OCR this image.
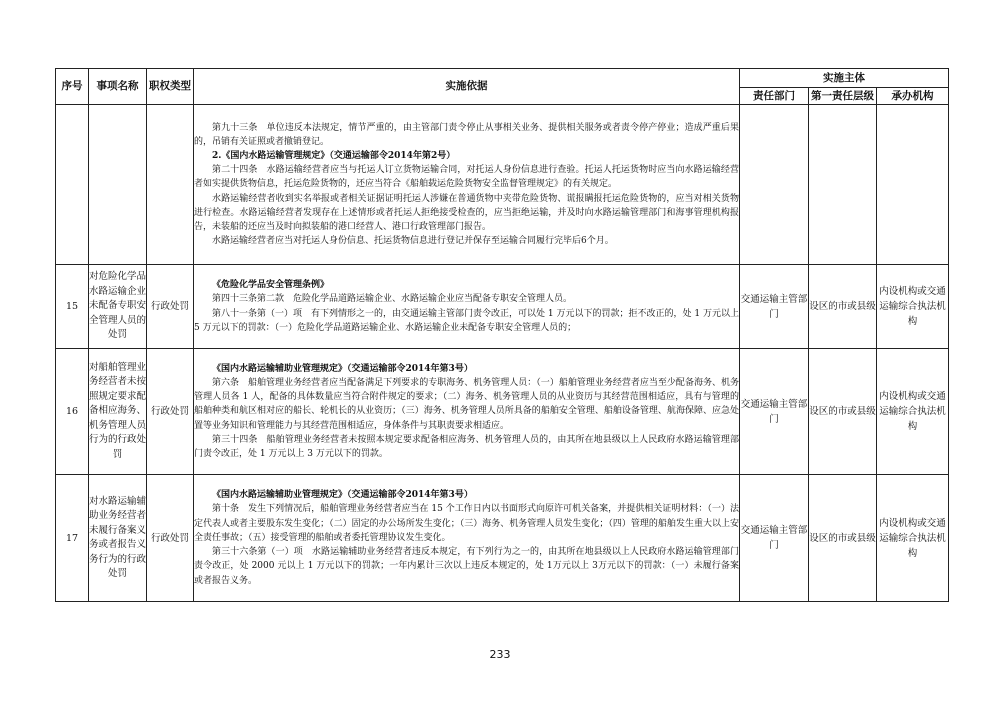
序号	事项名称	职权类型	实施依据	实施主体		
				责任部门	第一责任层级	承办机构

			第九十三条　单位违反本法规定，情节严重的，由主管部门责令停止从事相关业务、提供相关服务或者责令停产停业；造成严重后果的，吊销有关证照或者撤销登记。

2.《国内水路运输管理规定》（交通运输部令2014年第2号）

第二十四条　水路运输经营者应当与托运人订立货物运输合同，对托运人身份信息进行查验。托运人托运货物时应当向水路运输经营者如实提供货物信息，托运危险货物的，还应当符合《船舶载运危险货物安全监督管理规定》的有关规定。

水路运输经营者收到实名举报或者相关证据证明托运人涉嫌在普通货物中夹带危险货物、谎报瞒报托运危险货物的，应当对相关货物进行检查。水路运输经营者发现存在上述情形或者托运人拒绝接受检查的，应当拒绝运输，并及时向水路运输管理部门和海事管理机构报告，未装船的还应当及时向拟装船的港口经营人、港口行政管理部门报告。

水路运输经营者应当对托运人身份信息、托运货物信息进行登记并保存至运输合同履行完毕后6个月。			

15	对危险化学品水路运输企业未配备专职安全管理人员的处罚	行政处罚	《危险化学品安全管理条例》

第四十三条第二款　危险化学品道路运输企业、水路运输企业应当配备专职安全管理人员。

第八十一条第（一）项　有下列情形之一的，由交通运输主管部门责令改正，可以处 1 万元以下的罚款；拒不改正的，处 1 万元以上 5 万元以下的罚款：（一）危险化学品道路运输企业、水路运输企业未配备专职安全管理人员的；	交通运输主管部门	设区的市或县级	内设机构或交通运输综合执法机构
16	对船舶管理业务经营者未按照规定要求配备相应海务、机务管理人员行为的行政处罚	行政处罚	《国内水路运输辅助业管理规定》（交通运输部令2014年第3号）

第六条　船舶管理业务经营者应当配备满足下列要求的专职海务、机务管理人员：（一）船舶管理业务经营者应当至少配备海务、机务管理人员各 1 人，配备的具体数量应当符合附件规定的要求；（二）海务、机务管理人员的从业资历与其经营范围相适应，具有与管理的船舶种类和航区相对应的船长、轮机长的从业资历；（三）海务、机务管理人员所具备的船舶安全管理、船舶设备管理、航海保障、应急处置等业务知识和管理能力与其经营范围相适应，身体条件与其职责要求相适应。

第三十四条　船舶管理业务经营者未按照本规定要求配备相应海务、机务管理人员的，由其所在地县级以上人民政府水路运输管理部门责令改正，处 1 万元以上 3 万元以下的罚款。	交通运输主管部门	设区的市或县级	内设机构或交通运输综合执法机构
17	对水路运输辅助业务经营者未履行备案义务或者报告义务行为的行政处罚	行政处罚	《国内水路运输辅助业管理规定》（交通运输部令2014年第3号）

第十条　发生下列情况后，船舶管理业务经营者应当在 15 个工作日内以书面形式向原许可机关备案，并提供相关证明材料：（一）法定代表人或者主要股东发生变化；（二）固定的办公场所发生变化；（三）海务、机务管理人员发生变化；（四）管理的船舶发生重大以上安全责任事故；（五）接受管理的船舶或者委托管理协议发生变化。

第三十六条第（一）项　水路运输辅助业务经营者违反本规定，有下列行为之一的，由其所在地县级以上人民政府水路运输管理部门责令改正，处 2000 元以上 1 万元以下的罚款；一年内累计三次以上违反本规定的，处 1万元以上 3万元以下的罚款：（一）未履行备案或者报告义务。	交通运输主管部门	设区的市或县级	内设机构或交通运输综合执法机构
233
